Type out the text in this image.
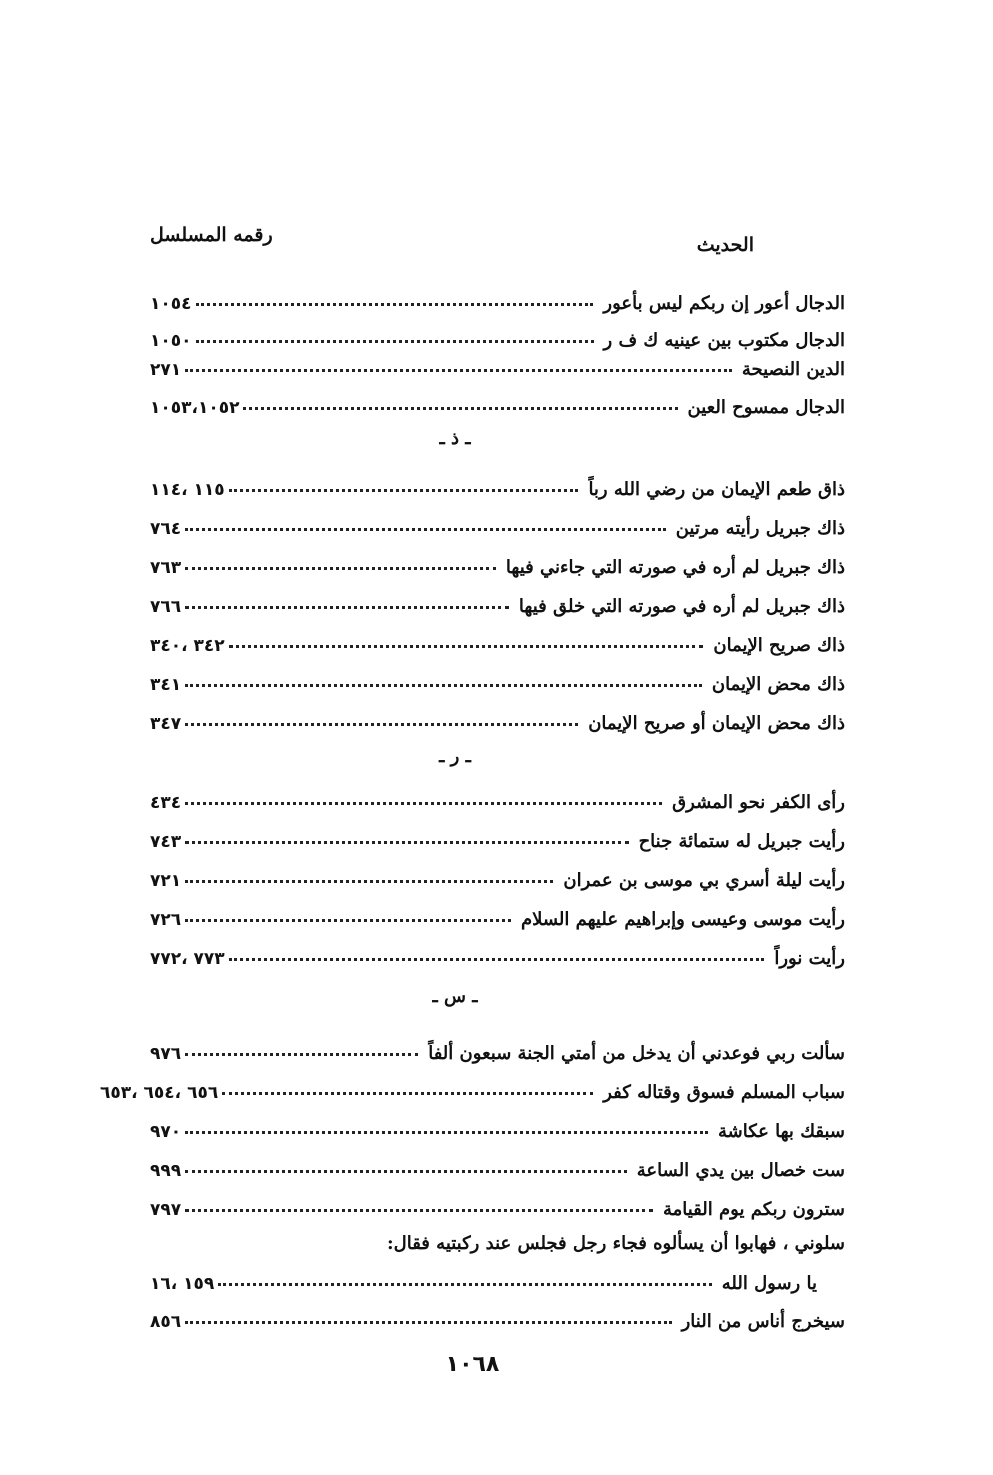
رقمه المسلسل	الحديث
الدجال أعور إن ربكم ليس بأعور
١٠٥٤
الدجال مكتوب بين عينيه ك ف ر
١٠٥٠
الدين النصيحة
٢٧١
الدجال ممسوح العين
١٠٥٣،١٠٥٢
ـ ذ ـ
ذاق طعم الإيمان من رضي الله رباً
١١٥ ،١١٤
ذاك جبريل رأيته مرتين
٧٦٤
ذاك جبريل لم أره في صورته التي جاءني فيها
٧٦٣
ذاك جبريل لم أره في صورته التي خلق فيها
٧٦٦
ذاك صريح الإيمان
٣٤٢ ،٣٤٠
ذاك محض الإيمان
٣٤١
ذاك محض الإيمان أو صريح الإيمان
٣٤٧
ـ ر ـ
رأى الكفر نحو المشرق
٤٣٤
رأيت جبريل له ستمائة جناح
٧٤٣
رأيت ليلة أسري بي موسى بن عمران
٧٢١
رأيت موسى وعيسى وإبراهيم عليهم السلام
٧٢٦
رأيت نوراً
٧٧٣ ،٧٧٢
ـ س ـ
سألت ربي فوعدني أن يدخل من أمتي الجنة سبعون ألفاً
٩٧٦
سباب المسلم فسوق وقتاله كفر
٦٥٦ ،٦٥٤ ،٦٥٣
سبقك بها عكاشة
٩٧٠
ست خصال بين يدي الساعة
٩٩٩
سترون ربكم يوم القيامة
٧٩٧
سلوني ، فهابوا أن يسألوه فجاء رجل فجلس عند ركبتيه فقال:
يا رسول الله
١٥٩ ،١٦
سيخرج أناس من النار
٨٥٦
١٠٦٨
